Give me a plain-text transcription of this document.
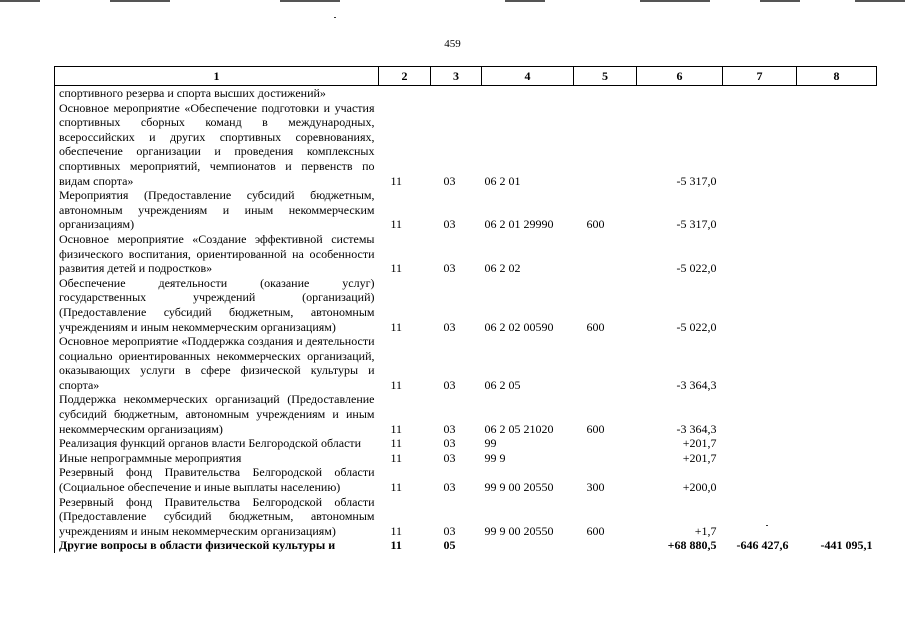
459
1	2	3	4	5	6	7	8
спортивного резерва и спорта высших достижений»							
Основное мероприятие «Обеспечение подготовки и участия спортивных сборных команд в международных, всероссийских и других спортивных соревнованиях, обеспечение организации и проведения комплексных спортивных мероприятий, чемпионатов и первенств по видам спорта»	11	03	06 2 01		-5 317,0		
Мероприятия (Предоставление субсидий бюджетным, автономным учреждениям и иным некоммерческим организациям)	11	03	06 2 01 29990	600	-5 317,0		
Основное мероприятие «Создание эффективной системы физического воспитания, ориентированной на особенности развития детей и подростков»	11	03	06 2 02		-5 022,0		
Обеспечение деятельности (оказание услуг) государственных учреждений (организаций) (Предоставление субсидий бюджетным, автономным учреждениям и иным некоммерческим организациям)	11	03	06 2 02 00590	600	-5 022,0		
Основное мероприятие «Поддержка создания и деятельности социально ориентированных некоммерческих организаций, оказывающих услуги в сфере физической культуры и спорта»	11	03	06 2 05		-3 364,3		
Поддержка некоммерческих организаций (Предоставление субсидий бюджетным, автономным учреждениям и иным некоммерческим организациям)	11	03	06 2 05 21020	600	-3 364,3		
Реализация функций органов власти Белгородской области	11	03	99		+201,7		
Иные непрограммные мероприятия	11	03	99 9		+201,7		
Резервный фонд Правительства Белгородской области (Социальное обеспечение и иные выплаты населению)	11	03	99 9 00 20550	300	+200,0		
Резервный фонд Правительства Белгородской области (Предоставление субсидий бюджетным, автономным учреждениям и иным некоммерческим организациям)	11	03	99 9 00 20550	600	+1,7		
Другие вопросы в области физической культуры и	11	05			+68 880,5	-646 427,6	-441 095,1
